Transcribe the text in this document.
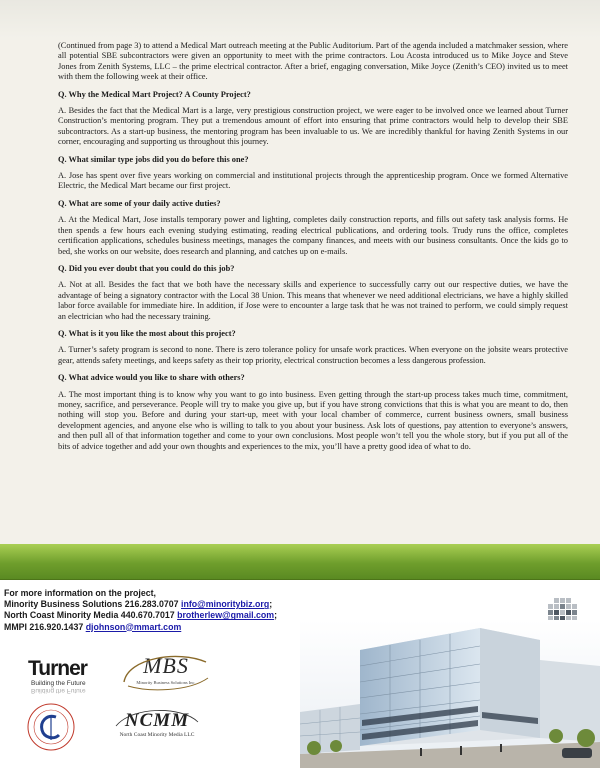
(Continued from page 3) to attend a Medical Mart outreach meeting at the Public Auditorium. Part of the agenda included a matchmaker session, where all potential SBE subcontractors were given an opportunity to meet with the prime contractors. Lou Acosta introduced us to Mike Joyce and Steve Jones from Zenith Systems, LLC – the prime electrical contractor. After a brief, engaging conversation, Mike Joyce (Zenith’s CEO) invited us to meet with them the following week at their office.

Q. Why the Medical Mart Project? A County Project?

A. Besides the fact that the Medical Mart is a large, very prestigious construction project, we were eager to be involved once we learned about Turner Construction’s mentoring program. They put a tremendous amount of effort into ensuring that prime contractors would help to develop their SBE subcontractors. As a start-up business, the mentoring program has been invaluable to us. We are incredibly thankful for having Zenith Systems in our corner, encouraging and supporting us throughout this journey.

Q. What similar type jobs did you do before this one?

A. Jose has spent over five years working on commercial and institutional projects through the apprenticeship program. Once we formed Alternative Electric, the Medical Mart became our first project.

Q. What are some of your daily active duties?

A. At the Medical Mart, Jose installs temporary power and lighting, completes daily construction reports, and fills out safety task analysis forms. He then spends a few hours each evening studying estimating, reading electrical publications, and ordering tools. Trudy runs the office, completes certification applications, schedules business meetings, manages the company finances, and meets with our business consultants. Once the kids go to bed, she works on our website, does research and planning, and catches up on e-mails.

Q. Did you ever doubt that you could do this job?

A. Not at all. Besides the fact that we both have the necessary skills and experience to successfully carry out our respective duties, we have the advantage of being a signatory contractor with the Local 38 Union. This means that whenever we need additional electricians, we have a highly skilled labor force available for immediate hire. In addition, if Jose were to encounter a large task that he was not trained to perform, we could simply request an electrician who had the necessary training.

Q. What is it you like the most about this project?

A. Turner’s safety program is second to none. There is zero tolerance policy for unsafe work practices. When everyone on the jobsite wears protective gear, attends safety meetings, and keeps safety as their top priority, electrical construction becomes a less dangerous profession.

Q. What advice would you like to share with others?

A. The most important thing is to know why you want to go into business. Even getting through the start-up process takes much time, commitment, money, sacrifice, and perseverance. People will try to make you give up, but if you have strong convictions that this is what you are meant to do, then nothing will stop you. Before and during your start-up, meet with your local chamber of commerce, current business owners, small business development agencies, and anyone else who is willing to talk to you about your business. Ask lots of questions, pay attention to everyone’s answers, and then pull all of that information together and come to your own conclusions. Most people won’t tell you the whole story, but if you put all of the bits of advice together and add your own thoughts and experiences to the mix, you’ll have a pretty good idea of what to do.

For more information on the project,
Minority Business Solutions 216.283.0707 info@minoritybiz.org;
North Coast Minority Media 440.670.7017 brotherlew@gmail.com;
MMPI 216.920.1437 djohnson@mmart.com
Turner
Building the Future
Building the Future
MBS
Minority Business Solutions Inc.
NCMM
North Coast Minority Media LLC
